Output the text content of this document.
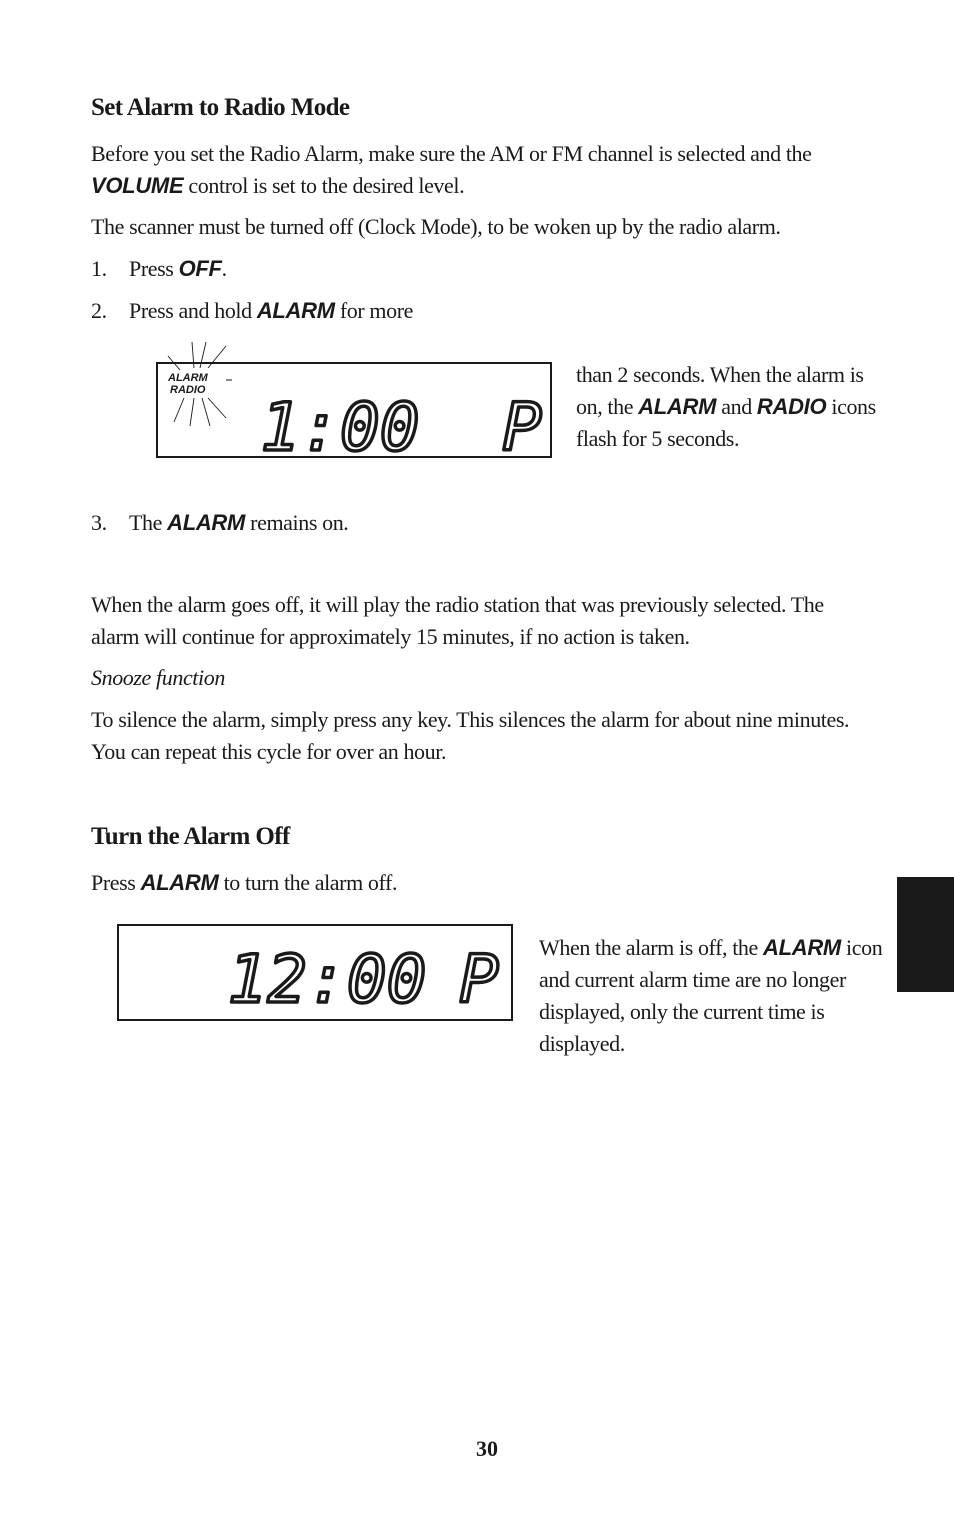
Set Alarm to Radio Mode
Before you set the Radio Alarm, make sure the AM or FM channel is selected and the
VOLUME control is set to the desired level.
The scanner must be turned off (Clock Mode), to be woken up by the radio alarm.
1. Press OFF.
2. Press and hold ALARM for more
ALARM
RADIO 1:00 P
than 2 seconds. When the alarm is on, the ALARM and RADIO icons flash for 5 seconds.
3. The ALARM remains on.
When the alarm goes off, it will play the radio station that was previously selected. The alarm will continue for approximately 15 minutes, if no action is taken.
Snooze function
To silence the alarm, simply press any key. This silences the alarm for about nine minutes. You can repeat this cycle for over an hour.
Turn the Alarm Off
Press ALARM to turn the alarm off.
12:00 P When the alarm is off, the ALARM icon and current alarm time are no longer displayed, only the current time is displayed.
30
